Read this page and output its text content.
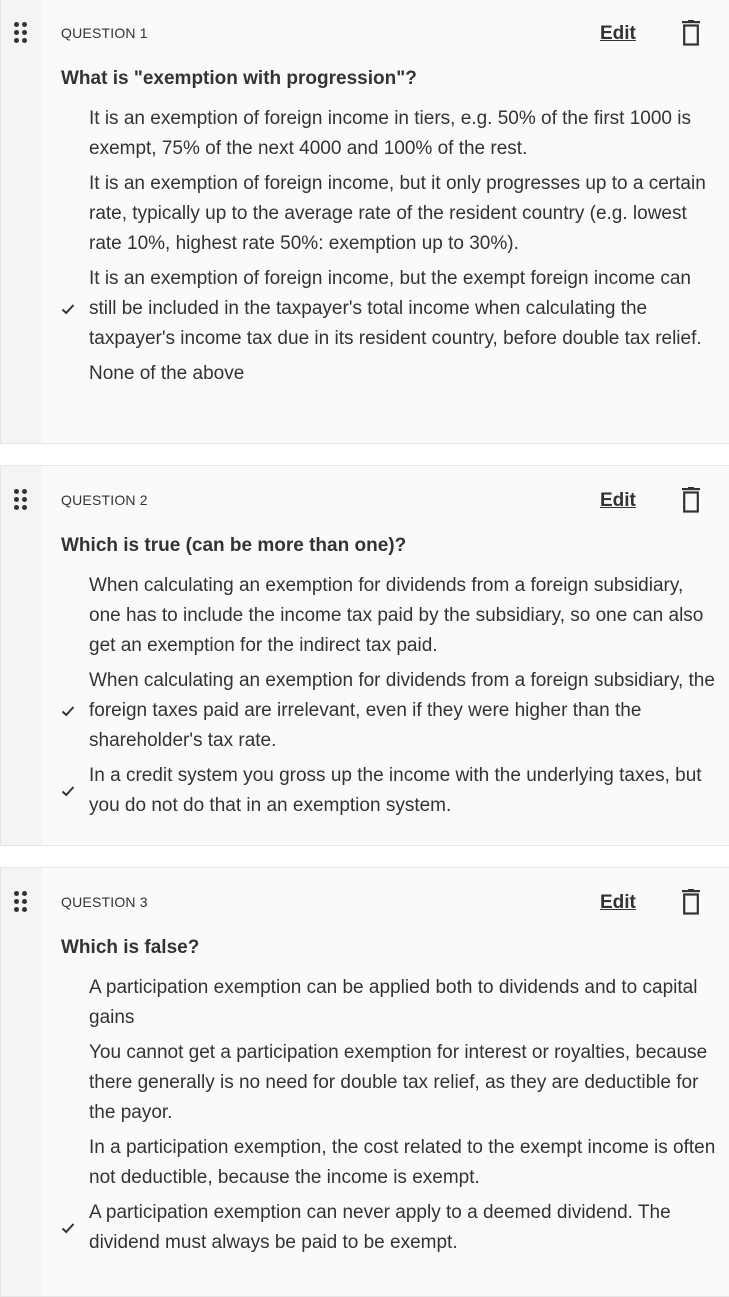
QUESTION 1	Edit
What is "exemption with progression"?
It is an exemption of foreign income in tiers, e.g. 50% of the first 1000 is exempt, 75% of the next 4000 and 100% of the rest.
It is an exemption of foreign income, but it only progresses up to a certain rate, typically up to the average rate of the resident country (e.g. lowest rate 10%, highest rate 50%: exemption up to 30%).
It is an exemption of foreign income, but the exempt foreign income can still be included in the taxpayer's total income when calculating the taxpayer's income tax due in its resident country, before double tax relief.
None of the above
QUESTION 2	Edit
Which is true (can be more than one)?
When calculating an exemption for dividends from a foreign subsidiary, one has to include the income tax paid by the subsidiary, so one can also get an exemption for the indirect tax paid.
When calculating an exemption for dividends from a foreign subsidiary, the foreign taxes paid are irrelevant, even if they were higher than the shareholder's tax rate.
In a credit system you gross up the income with the underlying taxes, but you do not do that in an exemption system.
QUESTION 3	Edit
Which is false?
A participation exemption can be applied both to dividends and to capital gains
You cannot get a participation exemption for interest or royalties, because there generally is no need for double tax relief, as they are deductible for the payor.
In a participation exemption, the cost related to the exempt income is often not deductible, because the income is exempt.
A participation exemption can never apply to a deemed dividend. The dividend must always be paid to be exempt.
